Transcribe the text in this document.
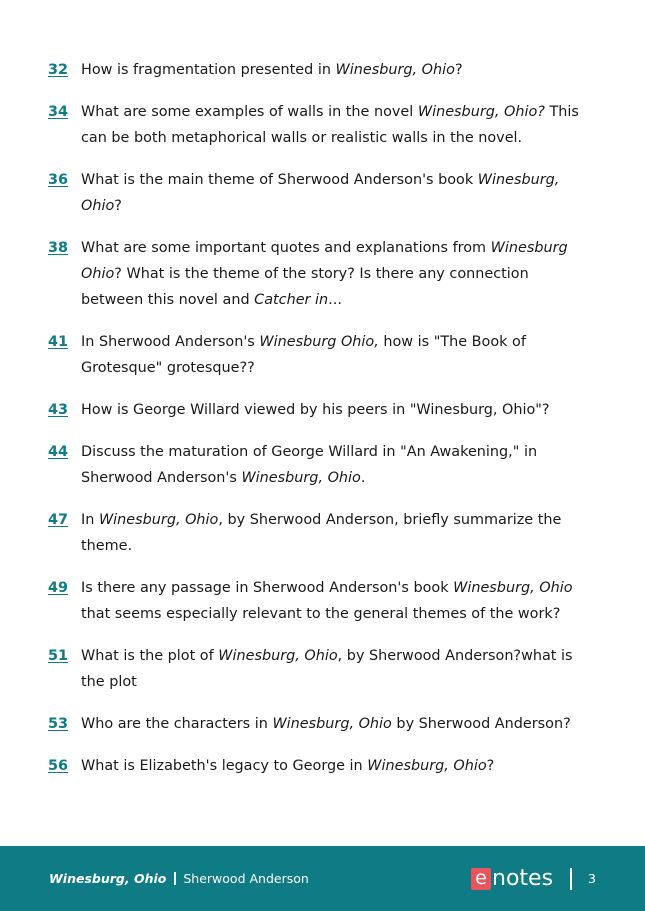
32 How is fragmentation presented in Winesburg, Ohio?
34 What are some examples of walls in the novel Winesburg, Ohio? This can be both metaphorical walls or realistic walls in the novel.
36 What is the main theme of Sherwood Anderson's book Winesburg, Ohio?
38 What are some important quotes and explanations from Winesburg Ohio? What is the theme of the story? Is there any connection between this novel and Catcher in...
41 In Sherwood Anderson's Winesburg Ohio, how is "The Book of Grotesque" grotesque??
43 How is George Willard viewed by his peers in "Winesburg, Ohio"?
44 Discuss the maturation of George Willard in "An Awakening," in Sherwood Anderson's Winesburg, Ohio.
47 In Winesburg, Ohio, by Sherwood Anderson, briefly summarize the theme.
49 Is there any passage in Sherwood Anderson's book Winesburg, Ohio that seems especially relevant to the general themes of the work?
51 What is the plot of Winesburg, Ohio, by Sherwood Anderson?what is the plot
53 Who are the characters in Winesburg, Ohio by Sherwood Anderson?
56 What is Elizabeth's legacy to George in Winesburg, Ohio?
Winesburg, Ohio Sherwood Anderson	e notes	3
